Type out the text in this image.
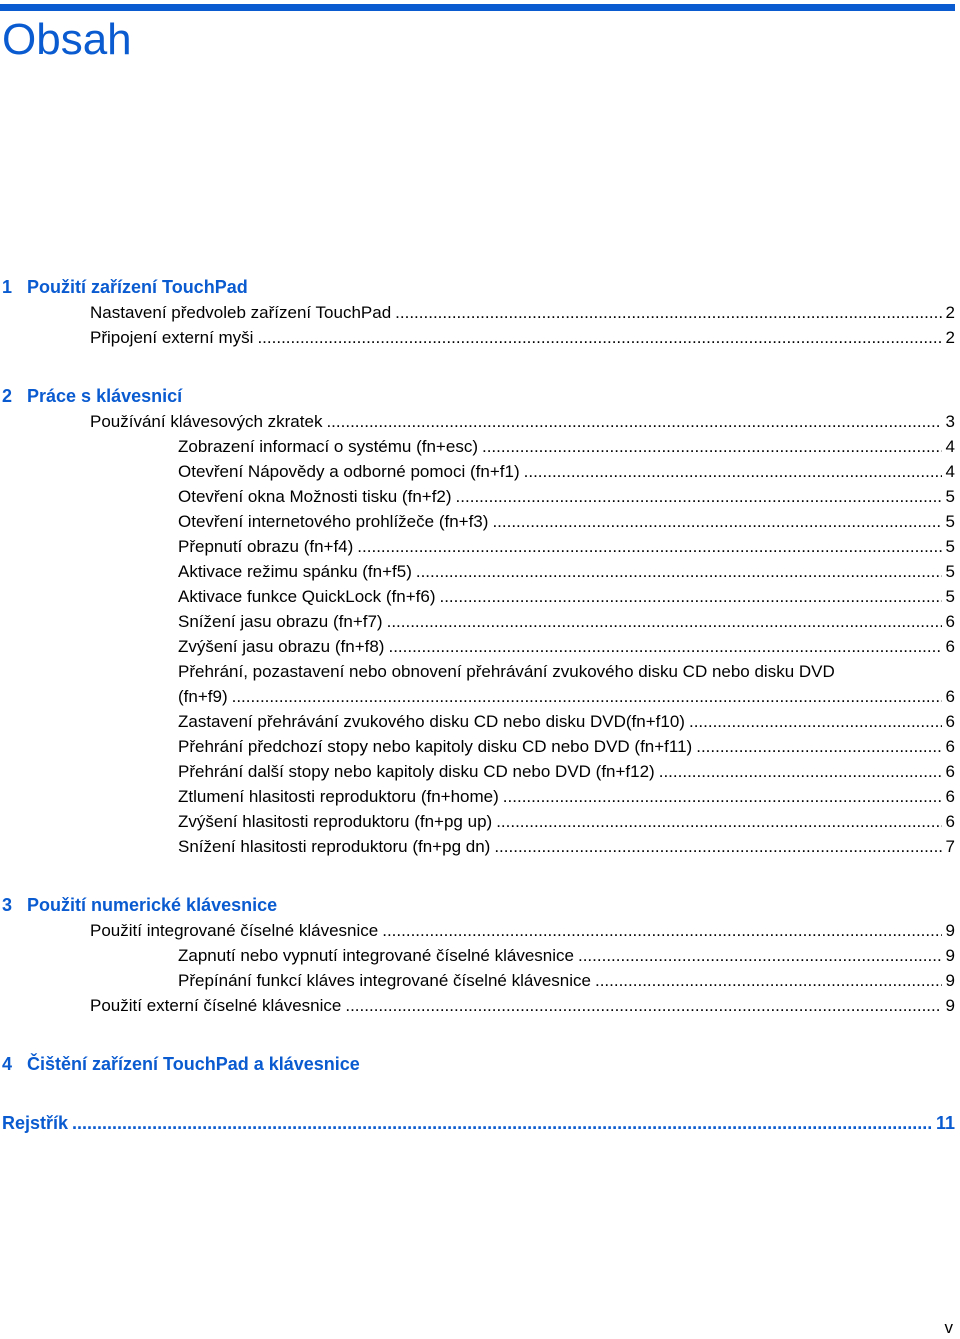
Obsah
1 Použití zařízení TouchPad
Nastavení předvoleb zařízení TouchPad .....	2
Připojení externí myši .....	2
2 Práce s klávesnicí
Používání klávesových zkratek .....	3
Zobrazení informací o systému (fn+esc) .....	4
Otevření Nápovědy a odborné pomoci (fn+f1) .....	4
Otevření okna Možnosti tisku (fn+f2) .....	5
Otevření internetového prohlížeče (fn+f3) .....	5
Přepnutí obrazu (fn+f4) .....	5
Aktivace režimu spánku (fn+f5) .....	5
Aktivace funkce QuickLock (fn+f6) .....	5
Snížení jasu obrazu (fn+f7) .....	6
Zvýšení jasu obrazu (fn+f8) .....	6
Přehrání, pozastavení nebo obnovení přehrávání zvukového disku CD nebo disku DVD
(fn+f9) .....	6
Zastavení přehrávání zvukového disku CD nebo disku DVD(fn+f10) .....	6
Přehrání předchozí stopy nebo kapitoly disku CD nebo DVD (fn+f11) .....	6
Přehrání další stopy nebo kapitoly disku CD nebo DVD (fn+f12) .....	6
Ztlumení hlasitosti reproduktoru (fn+home) .....	6
Zvýšení hlasitosti reproduktoru (fn+pg up) .....	6
Snížení hlasitosti reproduktoru (fn+pg dn) .....	7
3 Použití numerické klávesnice
Použití integrované číselné klávesnice .....	9
Zapnutí nebo vypnutí integrované číselné klávesnice .....	9
Přepínání funkcí kláves integrované číselné klávesnice .....	9
Použití externí číselné klávesnice .....	9
4 Čištění zařízení TouchPad a klávesnice
Rejstřík .....	11
v
